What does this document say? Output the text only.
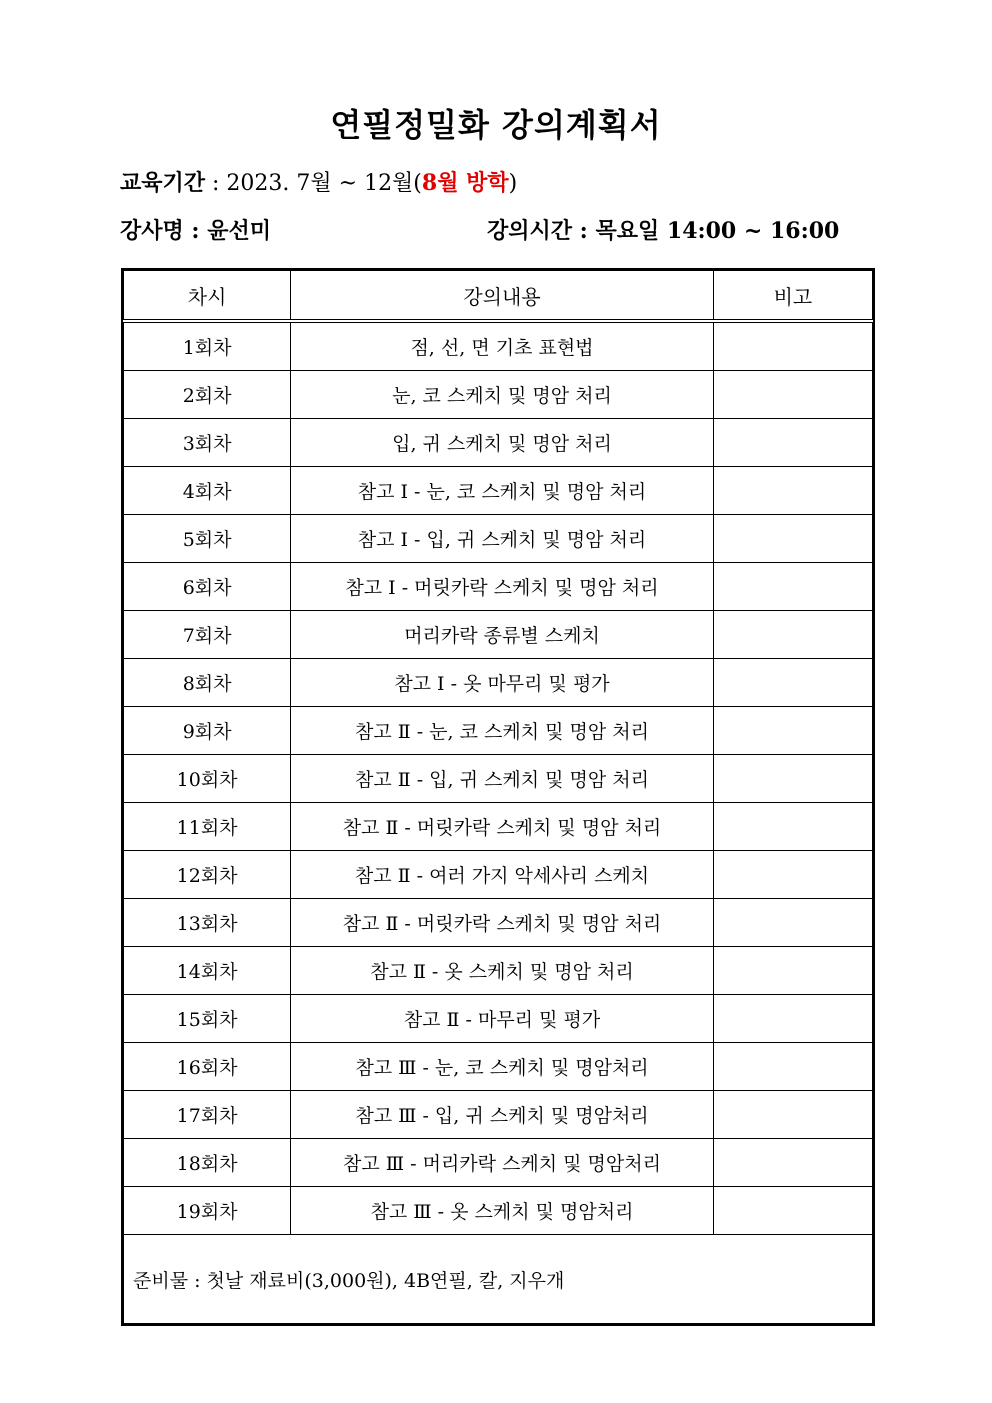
연필정밀화 강의계획서
교육기간 : 2023. 7월 ~ 12월(8월 방학)
강사명 : 윤선미	강의시간 : 목요일 14:00 ~ 16:00
차시	강의내용	비고
1회차	점, 선, 면 기초 표현법	
2회차	눈, 코 스케치 및 명암 처리	
3회차	입, 귀 스케치 및 명암 처리	
4회차	참고 Ⅰ - 눈, 코 스케치 및 명암 처리	
5회차	참고 Ⅰ - 입, 귀 스케치 및 명암 처리	
6회차	참고 Ⅰ - 머릿카락 스케치 및 명암 처리	
7회차	머리카락 종류별 스케치	
8회차	참고 Ⅰ - 옷 마무리 및 평가	
9회차	참고 Ⅱ - 눈, 코 스케치 및 명암 처리	
10회차	참고 Ⅱ - 입, 귀 스케치 및 명암 처리	
11회차	참고 Ⅱ - 머릿카락 스케치 및 명암 처리	
12회차	참고 Ⅱ - 여러 가지 악세사리 스케치	
13회차	참고 Ⅱ - 머릿카락 스케치 및 명암 처리	
14회차	참고 Ⅱ - 옷 스케치 및 명암 처리	
15회차	참고 Ⅱ - 마무리 및 평가	
16회차	참고 Ⅲ - 눈, 코 스케치 및 명암처리	
17회차	참고 Ⅲ - 입, 귀 스케치 및 명암처리	
18회차	참고 Ⅲ - 머리카락 스케치 및 명암처리	
19회차	참고 Ⅲ - 옷 스케치 및 명암처리	
준비물 : 첫날 재료비(3,000원), 4B연필, 칼, 지우개		
